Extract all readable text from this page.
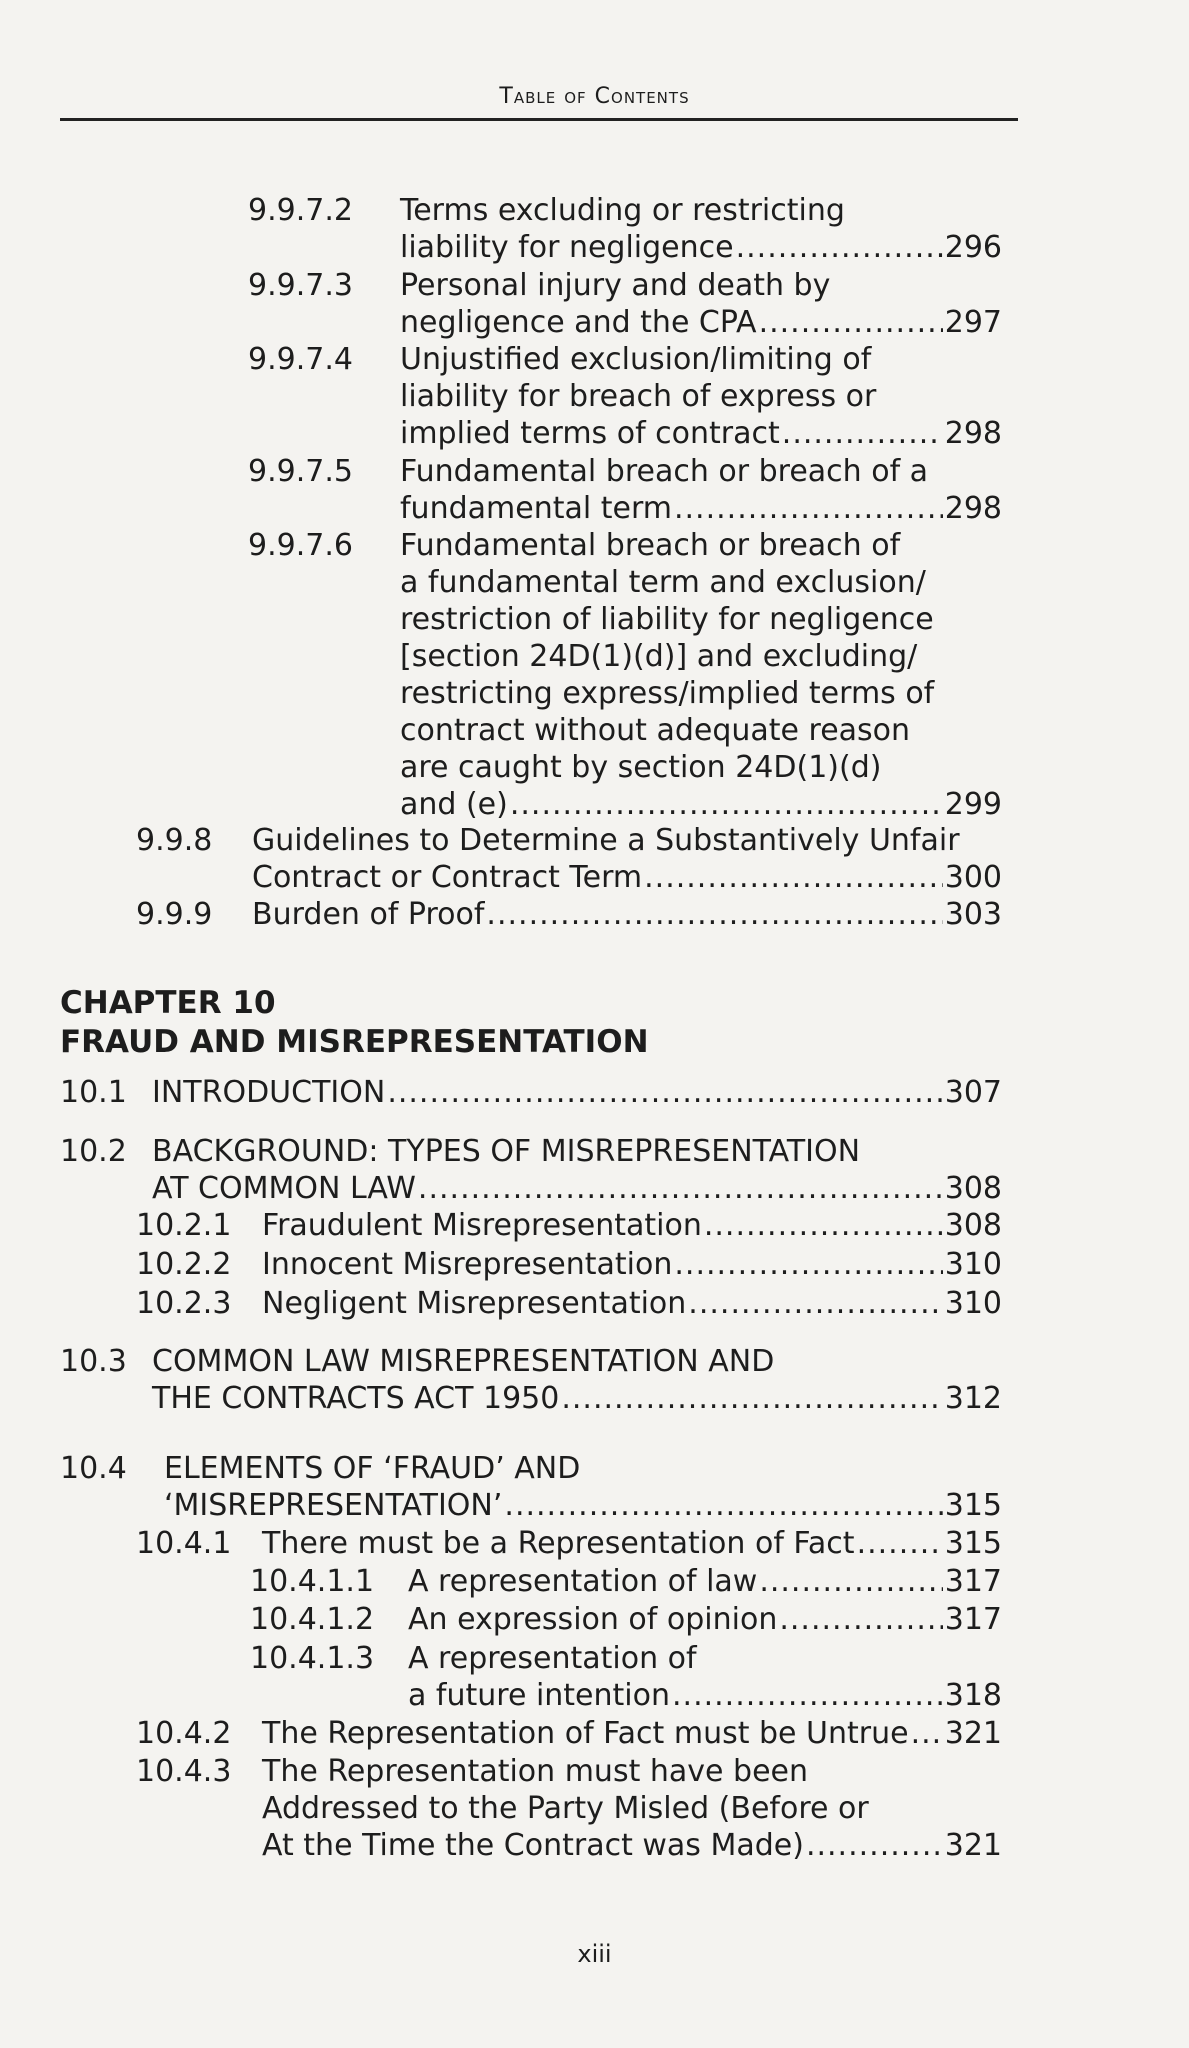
Table of Contents
CHAPTER 10
FRAUD AND MISREPRESENTATION
9.9.7.2 Terms excluding or restricting
liability for negligence .....	296
9.9.7.3 Personal injury and death by
negligence and the CPA .....	297
9.9.7.4 Unjustified exclusion/limiting of
liability for breach of express or
implied terms of contract .....	298
9.9.7.5 Fundamental breach or breach of a
fundamental term .....	298
9.9.7.6 Fundamental breach or breach of
a fundamental term and exclusion/
restriction of liability for negligence
[section 24D(1)(d)] and excluding/
restricting express/implied terms of
contract without adequate reason
are caught by section 24D(1)(d)
and (e) .....	299
9.9.8 Guidelines to Determine a Substantively Unfair
Contract or Contract Term .....	300
9.9.9 Burden of Proof .....	303
10.1 INTRODUCTION .....	307
10.2 BACKGROUND: TYPES OF MISREPRESENTATION
AT COMMON LAW .....	308
10.2.1 Fraudulent Misrepresentation .....	308
10.2.2 Innocent Misrepresentation .....	310
10.2.3 Negligent Misrepresentation .....	310
10.3 COMMON LAW MISREPRESENTATION AND
THE CONTRACTS ACT 1950 .....	312
10.4 ELEMENTS OF ‘FRAUD’ AND
‘MISREPRESENTATION’ .....	315
10.4.1 There must be a Representation of Fact .....	315
10.4.1.1 A representation of law .....	317
10.4.1.2 An expression of opinion .....	317
10.4.1.3 A representation of
a future intention .....	318
10.4.2 The Representation of Fact must be Untrue ..... 321
10.4.3 The Representation must have been
Addressed to the Party Misled (Before or
At the Time the Contract was Made) .....	321
xiii
